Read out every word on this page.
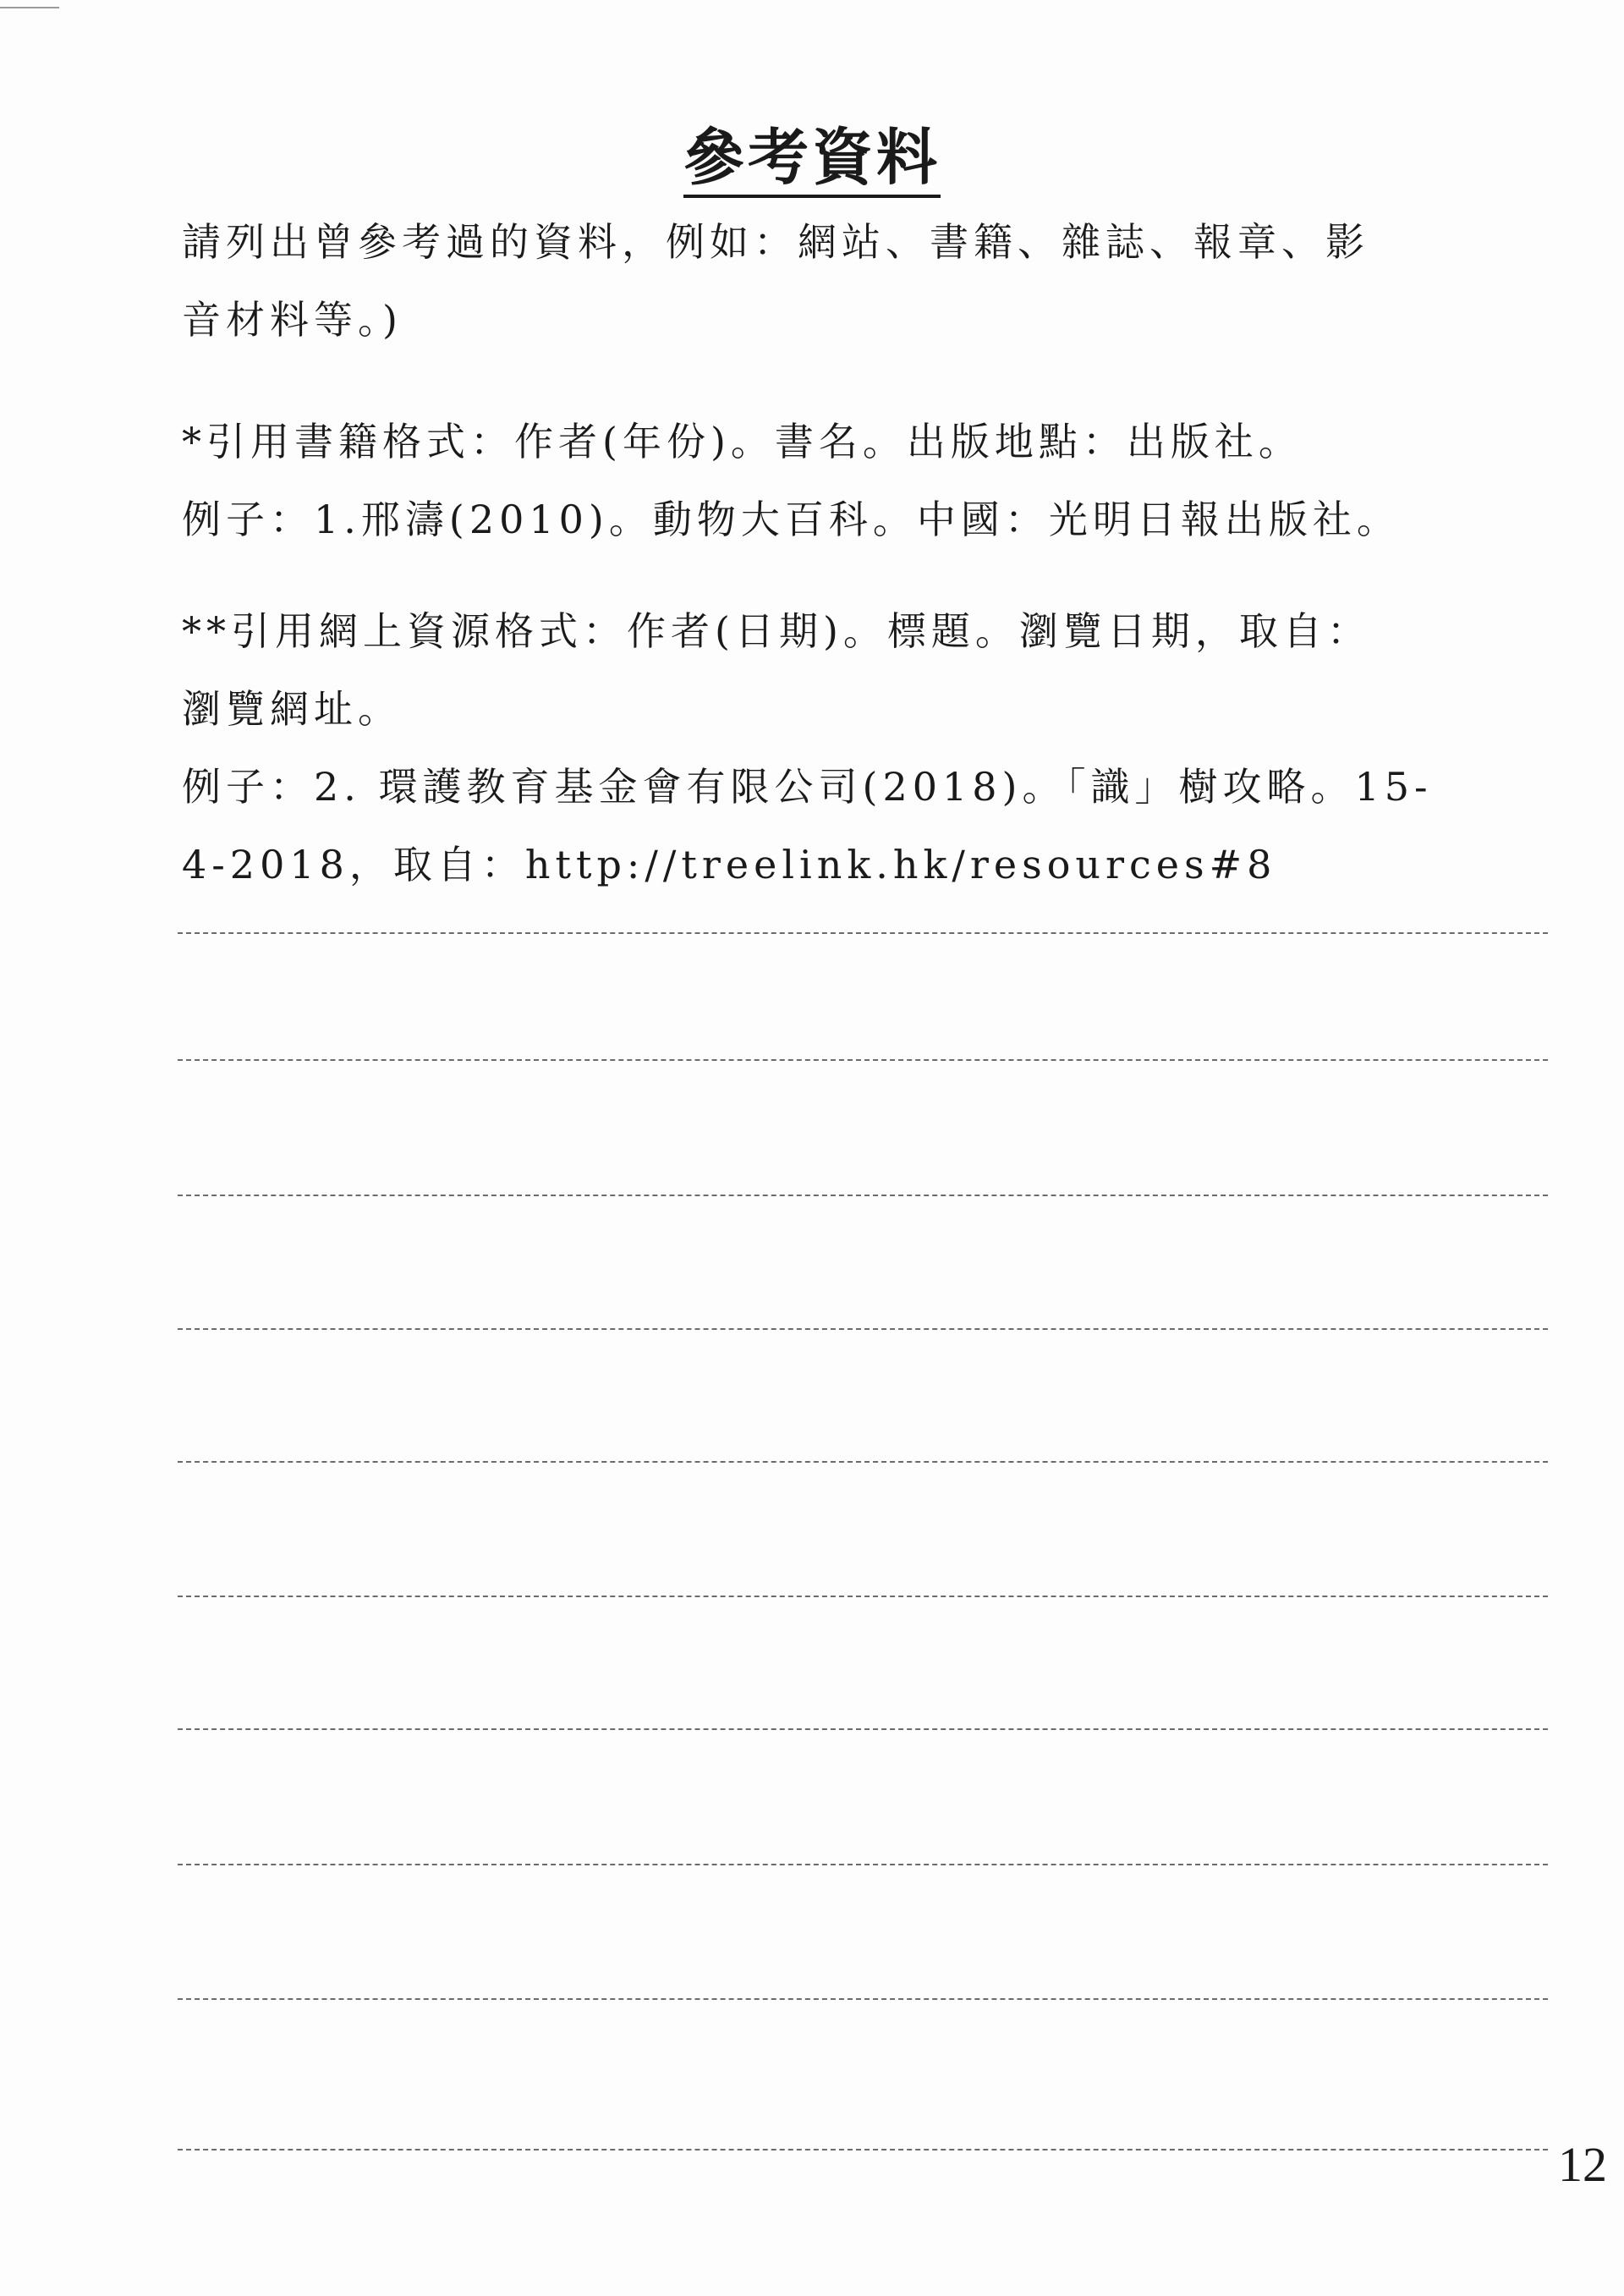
參考資料
請列出曾參考過的資料，例如：網站、書籍、雜誌、報章、影
音材料等。)
*引用書籍格式：作者(年份)。書名。出版地點：出版社。
例子：1.邢濤(2010)。動物大百科。中國：光明日報出版社。
**引用網上資源格式：作者(日期)。標題。瀏覽日期，取自：
瀏覽網址。
例子：2. 環護教育基金會有限公司(2018)。「識」樹攻略。15-
4-2018，取自：http://treelink.hk/resources#8
12
